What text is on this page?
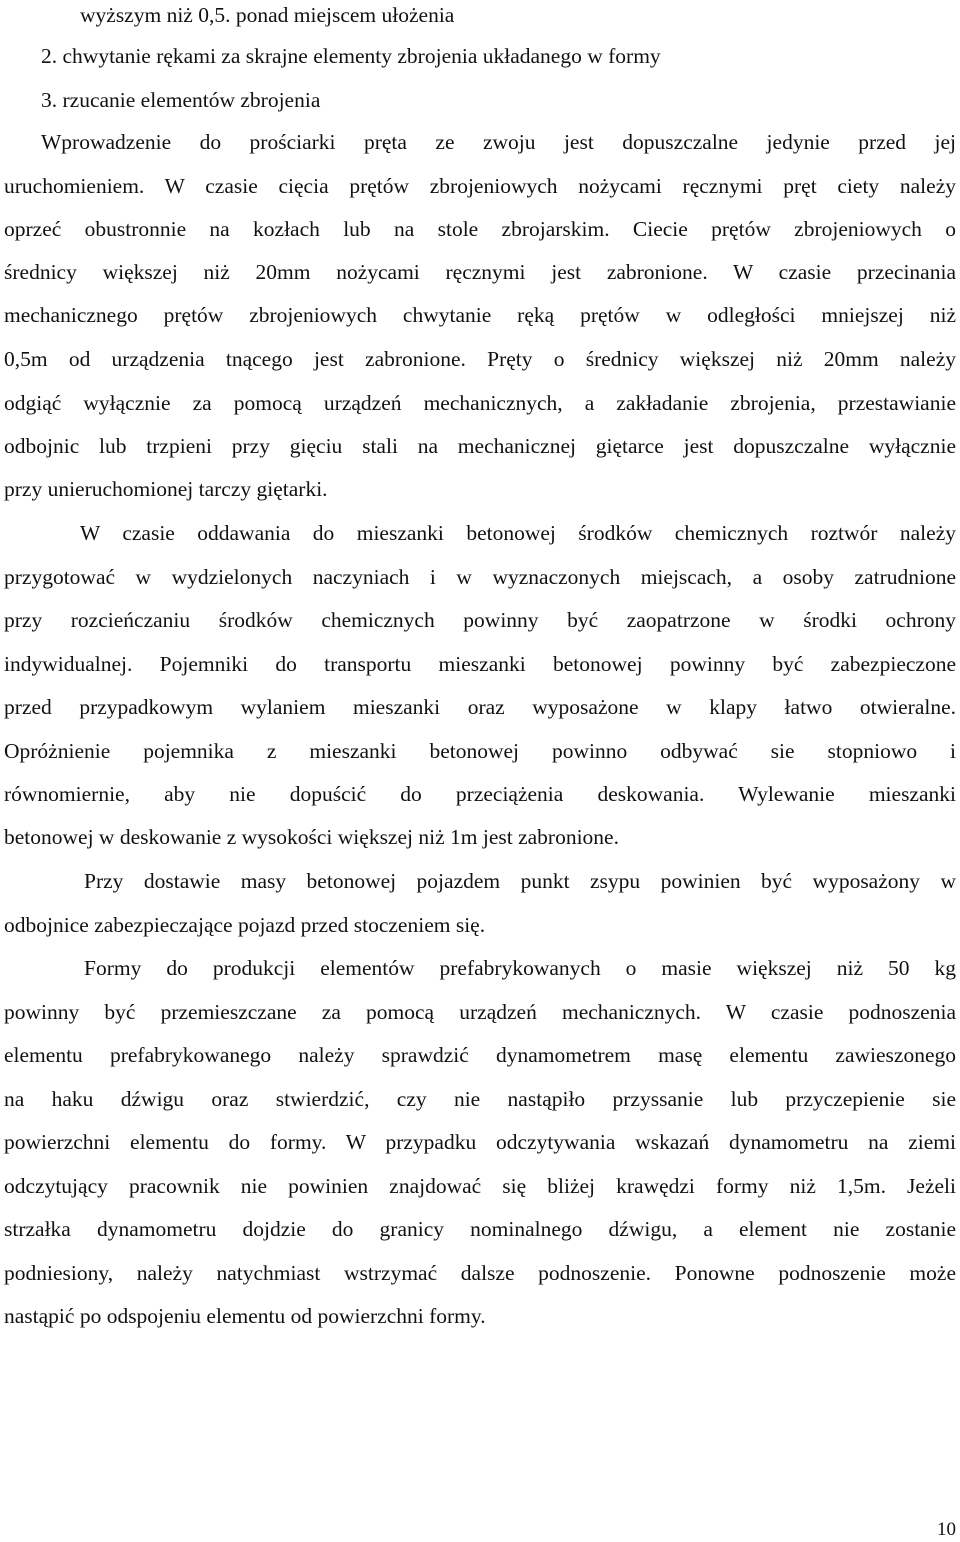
wyższym niż 0,5. ponad miejscem ułożenia
2. chwytanie rękami za skrajne elementy zbrojenia układanego w formy
3. rzucanie elementów zbrojenia
Wprowadzenie do prościarki pręta ze zwoju jest dopuszczalne jedynie przed jej
uruchomieniem. W czasie cięcia prętów zbrojeniowych nożycami ręcznymi pręt ciety należy
oprzeć obustronnie na kozłach lub na stole zbrojarskim. Ciecie prętów zbrojeniowych o
średnicy większej niż 20mm nożycami ręcznymi jest zabronione. W czasie przecinania
mechanicznego prętów zbrojeniowych chwytanie ręką prętów w odległości mniejszej niż
0,5m od urządzenia tnącego jest zabronione. Pręty o średnicy większej niż 20mm należy
odgiąć wyłącznie za pomocą urządzeń mechanicznych, a zakładanie zbrojenia, przestawianie
odbojnic lub trzpieni przy gięciu stali na mechanicznej giętarce jest dopuszczalne wyłącznie
przy unieruchomionej tarczy giętarki.
W czasie oddawania do mieszanki betonowej środków chemicznych roztwór należy
przygotować w wydzielonych naczyniach i w wyznaczonych miejscach, a osoby zatrudnione
przy rozcieńczaniu środków chemicznych powinny być zaopatrzone w środki ochrony
indywidualnej. Pojemniki do transportu mieszanki betonowej powinny być zabezpieczone
przed przypadkowym wylaniem mieszanki oraz wyposażone w klapy łatwo otwieralne.
Opróżnienie pojemnika z mieszanki betonowej powinno odbywać sie stopniowo i
równomiernie, aby nie dopuścić do przeciążenia deskowania. Wylewanie mieszanki
betonowej w deskowanie z wysokości większej niż 1m jest zabronione.
Przy dostawie masy betonowej pojazdem punkt zsypu powinien być wyposażony w
odbojnice zabezpieczające pojazd przed stoczeniem się.
Formy do produkcji elementów prefabrykowanych o masie większej niż 50 kg
powinny być przemieszczane za pomocą urządzeń mechanicznych. W czasie podnoszenia
elementu prefabrykowanego należy sprawdzić dynamometrem masę elementu zawieszonego
na haku dźwigu oraz stwierdzić, czy nie nastąpiło przyssanie lub przyczepienie sie
powierzchni elementu do formy. W przypadku odczytywania wskazań dynamometru na ziemi
odczytujący pracownik nie powinien znajdować się bliżej krawędzi formy niż 1,5m. Jeżeli
strzałka dynamometru dojdzie do granicy nominalnego dźwigu, a element nie zostanie
podniesiony, należy natychmiast wstrzymać dalsze podnoszenie. Ponowne podnoszenie może
nastąpić po odspojeniu elementu od powierzchni formy.
10
